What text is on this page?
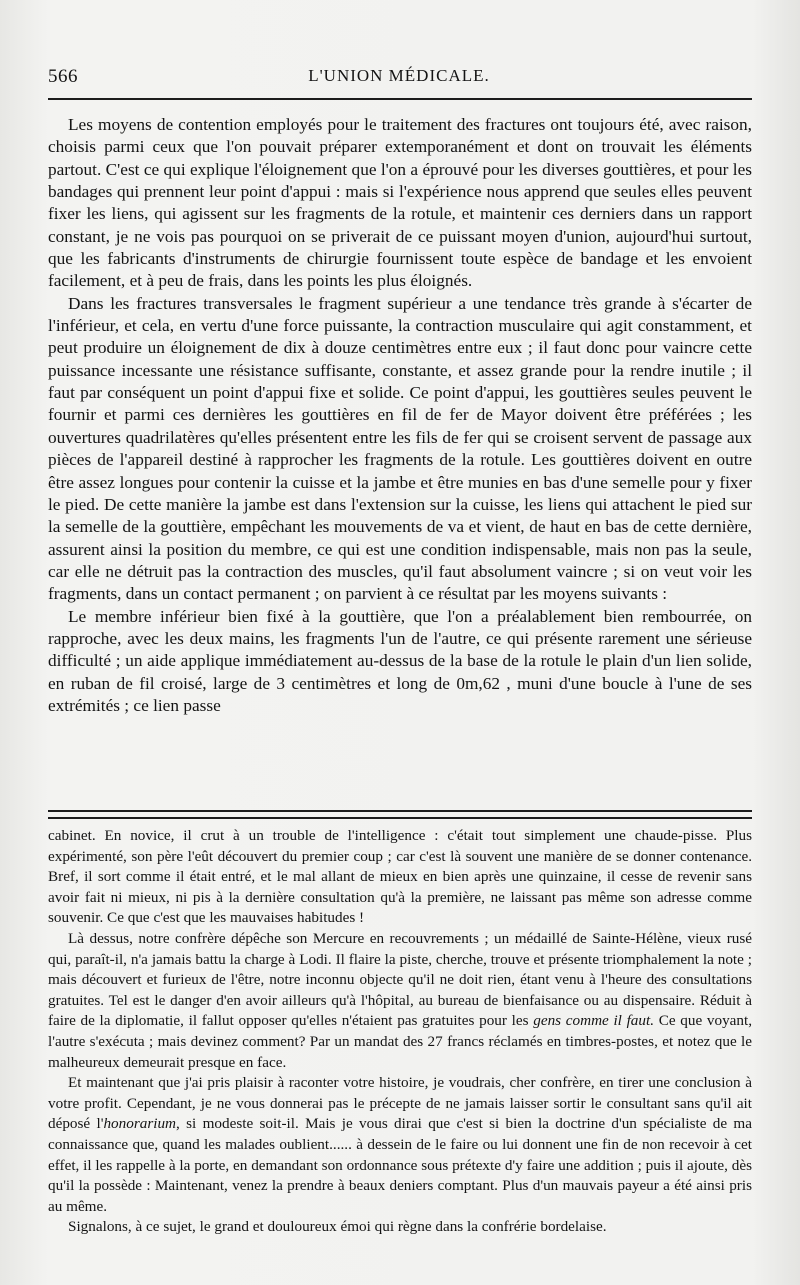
566	L'UNION MÉDICALE.

Les moyens de contention employés pour le traitement des fractures ont toujours été, avec raison, choisis parmi ceux que l'on pouvait préparer extemporanément et dont on trouvait les éléments partout. C'est ce qui explique l'éloignement que l'on a éprouvé pour les diverses gouttières, et pour les bandages qui prennent leur point d'appui : mais si l'expérience nous apprend que seules elles peuvent fixer les liens, qui agissent sur les fragments de la rotule, et maintenir ces derniers dans un rapport constant, je ne vois pas pourquoi on se priverait de ce puissant moyen d'union, aujourd'hui surtout, que les fabricants d'instruments de chirurgie fournissent toute espèce de bandage et les envoient facilement, et à peu de frais, dans les points les plus éloignés.

Dans les fractures transversales le fragment supérieur a une tendance très grande à s'écarter de l'inférieur, et cela, en vertu d'une force puissante, la contraction musculaire qui agit constamment, et peut produire un éloignement de dix à douze centimètres entre eux ; il faut donc pour vaincre cette puissance incessante une résistance suffisante, constante, et assez grande pour la rendre inutile ; il faut par conséquent un point d'appui fixe et solide. Ce point d'appui, les gouttières seules peuvent le fournir et parmi ces dernières les gouttières en fil de fer de Mayor doivent être préférées ; les ouvertures quadrilatères qu'elles présentent entre les fils de fer qui se croisent servent de passage aux pièces de l'appareil destiné à rapprocher les fragments de la rotule. Les gouttières doivent en outre être assez longues pour contenir la cuisse et la jambe et être munies en bas d'une semelle pour y fixer le pied. De cette manière la jambe est dans l'extension sur la cuisse, les liens qui attachent le pied sur la semelle de la gouttière, empêchant les mouvements de va et vient, de haut en bas de cette dernière, assurent ainsi la position du membre, ce qui est une condition indispensable, mais non pas la seule, car elle ne détruit pas la contraction des muscles, qu'il faut absolument vaincre ; si on veut voir les fragments, dans un contact permanent ; on parvient à ce résultat par les moyens suivants :

Le membre inférieur bien fixé à la gouttière, que l'on a préalablement bien rembourrée, on rapproche, avec les deux mains, les fragments l'un de l'autre, ce qui présente rarement une sérieuse difficulté ; un aide applique immédiatement au-dessus de la base de la rotule le plain d'un lien solide, en ruban de fil croisé, large de 3 centimètres et long de 0m,62 , muni d'une boucle à l'une de ses extrémités ; ce lien passe

cabinet. En novice, il crut à un trouble de l'intelligence : c'était tout simplement une chaude-pisse. Plus expérimenté, son père l'eût découvert du premier coup ; car c'est là souvent une manière de se donner contenance. Bref, il sort comme il était entré, et le mal allant de mieux en bien après une quinzaine, il cesse de revenir sans avoir fait ni mieux, ni pis à la dernière consultation qu'à la première, ne laissant pas même son adresse comme souvenir. Ce que c'est que les mauvaises habitudes !

Là dessus, notre confrère dépêche son Mercure en recouvrements ; un médaillé de Sainte-Hélène, vieux rusé qui, paraît-il, n'a jamais battu la charge à Lodi. Il flaire la piste, cherche, trouve et présente triomphalement la note ; mais découvert et furieux de l'être, notre inconnu objecte qu'il ne doit rien, étant venu à l'heure des consultations gratuites. Tel est le danger d'en avoir ailleurs qu'à l'hôpital, au bureau de bienfaisance ou au dispensaire. Réduit à faire de la diplomatie, il fallut opposer qu'elles n'étaient pas gratuites pour les gens comme il faut. Ce que voyant, l'autre s'exécuta ; mais devinez comment? Par un mandat des 27 francs réclamés en timbres-postes, et notez que le malheureux demeurait presque en face.

Et maintenant que j'ai pris plaisir à raconter votre histoire, je voudrais, cher confrère, en tirer une conclusion à votre profit. Cependant, je ne vous donnerai pas le précepte de ne jamais laisser sortir le consultant sans qu'il ait déposé l'honorarium, si modeste soit-il. Mais je vous dirai que c'est si bien la doctrine d'un spécialiste de ma connaissance que, quand les malades oublient...... à dessein de le faire ou lui donnent une fin de non recevoir à cet effet, il les rappelle à la porte, en demandant son ordonnance sous prétexte d'y faire une addition ; puis il ajoute, dès qu'il la possède : Maintenant, venez la prendre à beaux deniers comptant. Plus d'un mauvais payeur a été ainsi pris au même.

Signalons, à ce sujet, le grand et douloureux émoi qui règne dans la confrérie bordelaise.
